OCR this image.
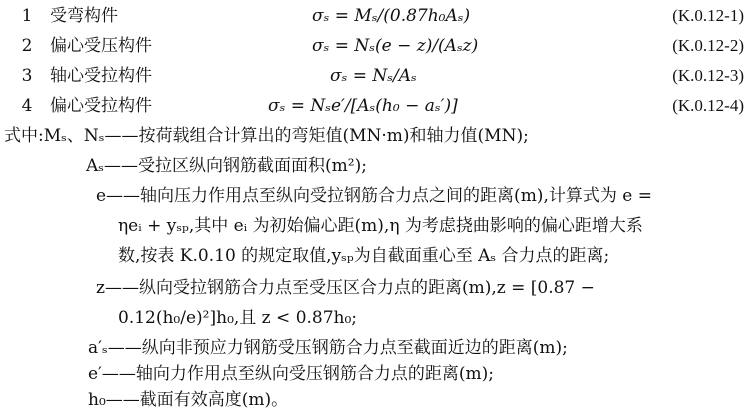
1 受弯构件	σₛ = Mₛ/(0.87h₀Aₛ)	(K.0.12-1)
2 偏心受压构件	σₛ = Nₛ(e − z)/(Aₛz)	(K.0.12-2)
3 轴心受拉构件	σₛ = Nₛ/Aₛ	(K.0.12-3)
4 偏心受拉构件	σₛ = Nₛe′/[Aₛ(h₀ − aₛ′)]	(K.0.12-4)
式中:Mₛ、Nₛ——按荷载组合计算出的弯矩值(MN·m)和轴力值(MN);
Aₛ——受拉区纵向钢筋截面面积(m²);
e——轴向压力作用点至纵向受拉钢筋合力点之间的距离(m),计算式为 e =
ηeᵢ + yₛₚ,其中 eᵢ 为初始偏心距(m),η 为考虑挠曲影响的偏心距增大系
数,按表 K.0.10 的规定取值,yₛₚ为自截面重心至 Aₛ 合力点的距离;
z——纵向受拉钢筋合力点至受压区合力点的距离(m),z = [0.87 −
0.12(h₀/e)²]h₀,且 z < 0.87h₀;
a′ₛ——纵向非预应力钢筋受压钢筋合力点至截面近边的距离(m);
e′——轴向力作用点至纵向受压钢筋合力点的距离(m);
h₀——截面有效高度(m)。
